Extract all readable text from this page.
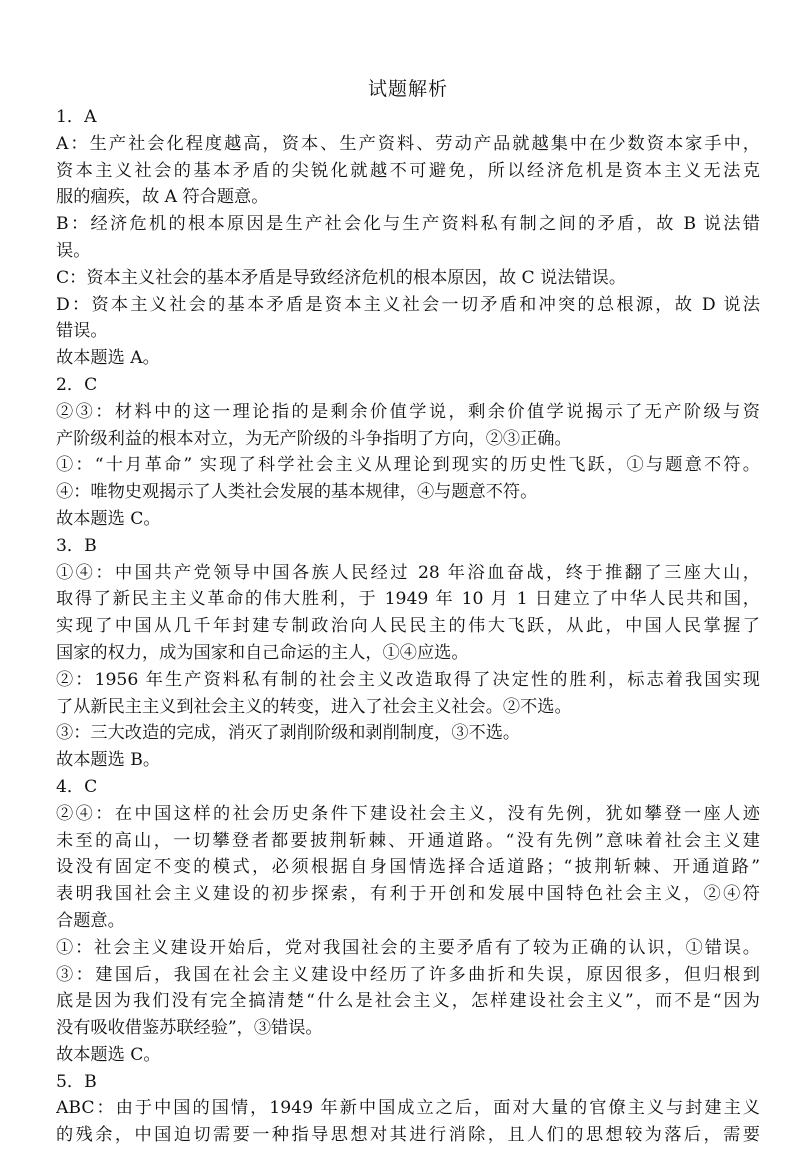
试题解析
1．A
A：生产社会化程度越高，资本、生产资料、劳动产品就越集中在少数资本家手中，
资本主义社会的基本矛盾的尖锐化就越不可避免，所以经济危机是资本主义无法克
服的痼疾，故 A 符合题意。
B：经济危机的根本原因是生产社会化与生产资料私有制之间的矛盾，故 B 说法错
误。
C：资本主义社会的基本矛盾是导致经济危机的根本原因，故 C 说法错误。
D：资本主义社会的基本矛盾是资本主义社会一切矛盾和冲突的总根源，故 D 说法
错误。
故本题选 A。
2．C
②③：材料中的这一理论指的是剩余价值学说，剩余价值学说揭示了无产阶级与资
产阶级利益的根本对立，为无产阶级的斗争指明了方向，②③正确。
①：“十月革命” 实现了科学社会主义从理论到现实的历史性飞跃，①与题意不符。
④：唯物史观揭示了人类社会发展的基本规律，④与题意不符。
故本题选 C。
3．B
①④：中国共产党领导中国各族人民经过 28 年浴血奋战，终于推翻了三座大山，
取得了新民主主义革命的伟大胜利，于 1949 年 10 月 1 日建立了中华人民共和国，
实现了中国从几千年封建专制政治向人民民主的伟大飞跃，从此，中国人民掌握了
国家的权力，成为国家和自己命运的主人，①④应选。
②：1956 年生产资料私有制的社会主义改造取得了决定性的胜利，标志着我国实现
了从新民主主义到社会主义的转变，进入了社会主义社会。②不选。
③：三大改造的完成，消灭了剥削阶级和剥削制度，③不选。
故本题选 B。
4．C
②④：在中国这样的社会历史条件下建设社会主义，没有先例，犹如攀登一座人迹
未至的高山，一切攀登者都要披荆斩棘、开通道路。“没有先例”意味着社会主义建
设没有固定不变的模式，必须根据自身国情选择合适道路；“披荆斩棘、开通道路”
表明我国社会主义建设的初步探索，有利于开创和发展中国特色社会主义，②④符
合题意。
①：社会主义建设开始后，党对我国社会的主要矛盾有了较为正确的认识，①错误。
③：建国后，我国在社会主义建设中经历了许多曲折和失误，原因很多，但归根到
底是因为我们没有完全搞清楚“什么是社会主义，怎样建设社会主义”，而不是“因为
没有吸收借鉴苏联经验”，③错误。
故本题选 C。
5．B
ABC：由于中国的国情，1949 年新中国成立之后，面对大量的官僚主义与封建主义
的残余，中国迫切需要一种指导思想对其进行消除，且人们的思想较为落后，需要
